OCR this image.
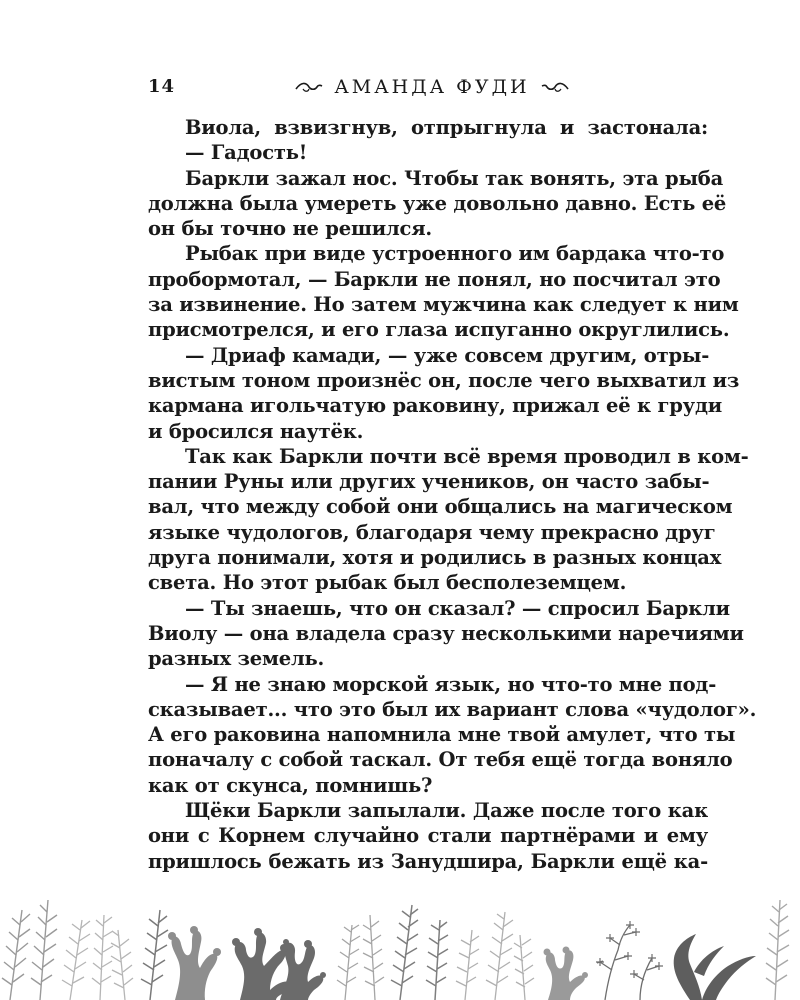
14	АМАНДА ФУДИ
Виола, взвизгнув, отпрыгнула и застонала:
— Гадость!
Баркли зажал нос. Чтобы так вонять, эта рыба
должна была умереть уже довольно давно. Есть её
он бы точно не решился.
Рыбак при виде устроенного им бардака что-то
пробормотал, — Баркли не понял, но посчитал это
за извинение. Но затем мужчина как следует к ним
присмотрелся, и его глаза испуганно округлились.
— Дриаф камади, — уже совсем другим, отры-
вистым тоном произнёс он, после чего выхватил из
кармана игольчатую раковину, прижал её к груди
и бросился наутёк.
Так как Баркли почти всё время проводил в ком-
пании Руны или других учеников, он часто забы-
вал, что между собой они общались на магическом
языке чудологов, благодаря чему прекрасно друг
друга понимали, хотя и родились в разных концах
света. Но этот рыбак был бесполеземцем.
— Ты знаешь, что он сказал? — спросил Баркли
Виолу — она владела сразу несколькими наречиями
разных земель.
— Я не знаю морской язык, но что-то мне под-
сказывает... что это был их вариант слова «чудолог».
А его раковина напомнила мне твой амулет, что ты
поначалу с собой таскал. От тебя ещё тогда воняло
как от скунса, помнишь?
Щёки Баркли запылали. Даже после того как
они с Корнем случайно стали партнёрами и ему
пришлось бежать из Занудшира, Баркли ещё ка-
